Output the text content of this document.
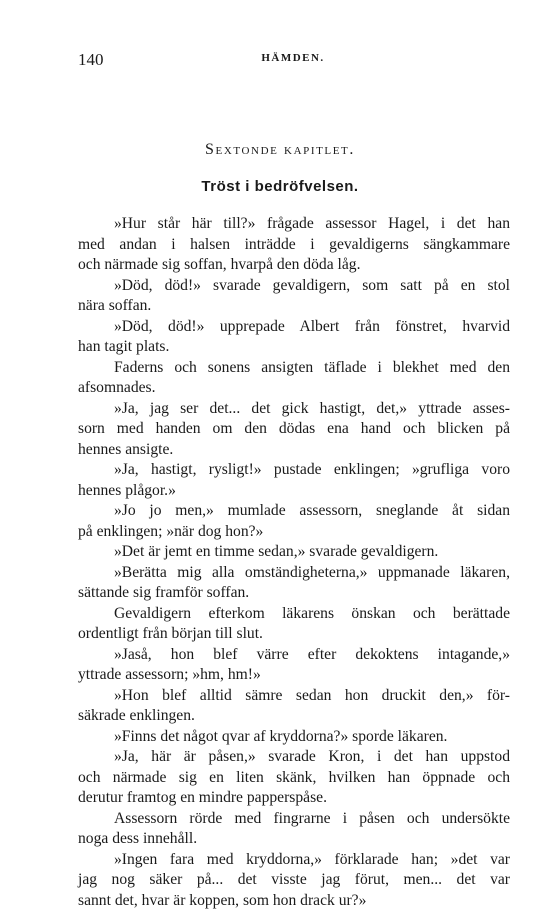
140	HÄMDEN.
Sextonde kapitlet.
Tröst i bedröfvelsen.
»Hur står här till?» frågade assessor Hagel, i det han
med andan i halsen inträdde i gevaldigerns sängkammare
och närmade sig soffan, hvarpå den döda låg.
»Död, död!» svarade gevaldigern, som satt på en stol
nära soffan.
»Död, död!» upprepade Albert från fönstret, hvarvid
han tagit plats.
Faderns och sonens ansigten täflade i blekhet med den
afsomnades.
»Ja, jag ser det... det gick hastigt, det,» yttrade asses-
sorn med handen om den dödas ena hand och blicken på
hennes ansigte.
»Ja, hastigt, rysligt!» pustade enklingen; »grufliga voro
hennes plågor.»
»Jo jo men,» mumlade assessorn, sneglande åt sidan
på enklingen; »när dog hon?»
»Det är jemt en timme sedan,» svarade gevaldigern.
»Berätta mig alla omständigheterna,» uppmanade läkaren,
sättande sig framför soffan.
Gevaldigern efterkom läkarens önskan och berättade
ordentligt från början till slut.
»Jaså, hon blef värre efter dekoktens intagande,»
yttrade assessorn; »hm, hm!»
»Hon blef alltid sämre sedan hon druckit den,» för-
säkrade enklingen.
»Finns det något qvar af kryddorna?» sporde läkaren.
»Ja, här är påsen,» svarade Kron, i det han uppstod
och närmade sig en liten skänk, hvilken han öppnade och
derutur framtog en mindre papperspåse.
Assessorn rörde med fingrarne i påsen och undersökte
noga dess innehåll.
»Ingen fara med kryddorna,» förklarade han; »det var
jag nog säker på... det visste jag förut, men... det var
sannt det, hvar är koppen, som hon drack ur?»
